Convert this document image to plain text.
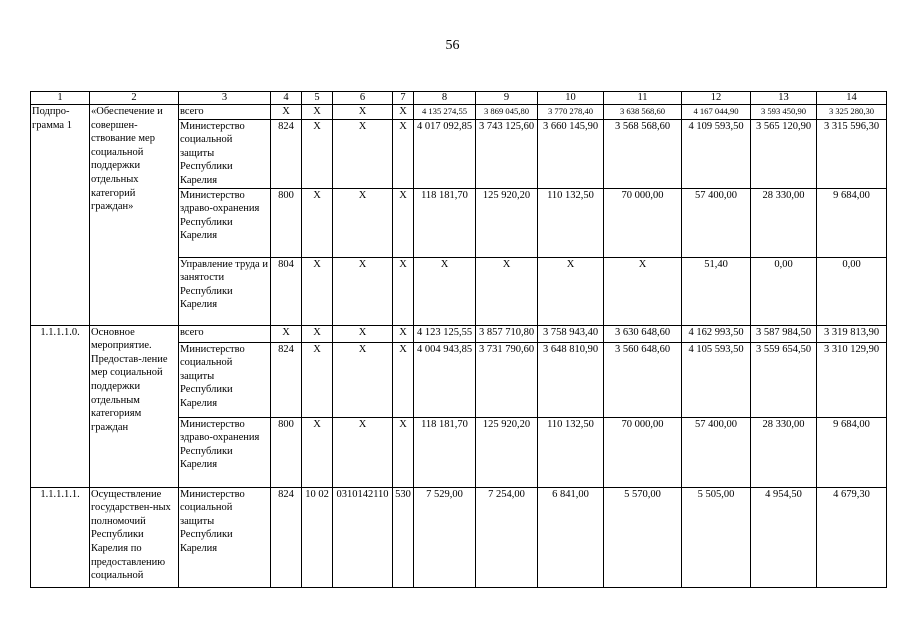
56
1	2	3	4	5	6	7	8	9	10	11	12	13	14
Подпро-грамма 1	«Обеспечение и совершен-ствование мер социальной поддержки отдельных категорий граждан»	всего	Х	Х	Х	Х	4 135 274,55	3 869 045,80	3 770 278,40	3 638 568,60	4 167 044,90	3 593 450,90	3 325 280,30
		Министерство социальной защиты Республики Карелия	824	Х	Х	Х	4 017 092,85	3 743 125,60	3 660 145,90	3 568 568,60	4 109 593,50	3 565 120,90	3 315 596,30
		Министерство здраво-охранения Республики Карелия	800	Х	Х	Х	118 181,70	125 920,20	110 132,50	70 000,00	57 400,00	28 330,00	9 684,00
		Управление труда и занятости Республики Карелия	804	Х	Х	Х	Х	Х	Х	Х	51,40	0,00	0,00
1.1.1.1.0.	Основное мероприятие. Предостав-ление мер социальной поддержки отдельным категориям граждан	всего	Х	Х	Х	Х	4 123 125,55	3 857 710,80	3 758 943,40	3 630 648,60	4 162 993,50	3 587 984,50	3 319 813,90
		Министерство социальной защиты Республики Карелия	824	Х	Х	Х	4 004 943,85	3 731 790,60	3 648 810,90	3 560 648,60	4 105 593,50	3 559 654,50	3 310 129,90
		Министерство здраво-охранения Республики Карелия	800	Х	Х	Х	118 181,70	125 920,20	110 132,50	70 000,00	57 400,00	28 330,00	9 684,00
1.1.1.1.1.	Осуществление государствен-ных полномочий Республики Карелия по предоставлению социальной	Министерство социальной защиты Республики Карелия	824	10 02	0310142110	530	7 529,00	7 254,00	6 841,00	5 570,00	5 505,00	4 954,50	4 679,30
